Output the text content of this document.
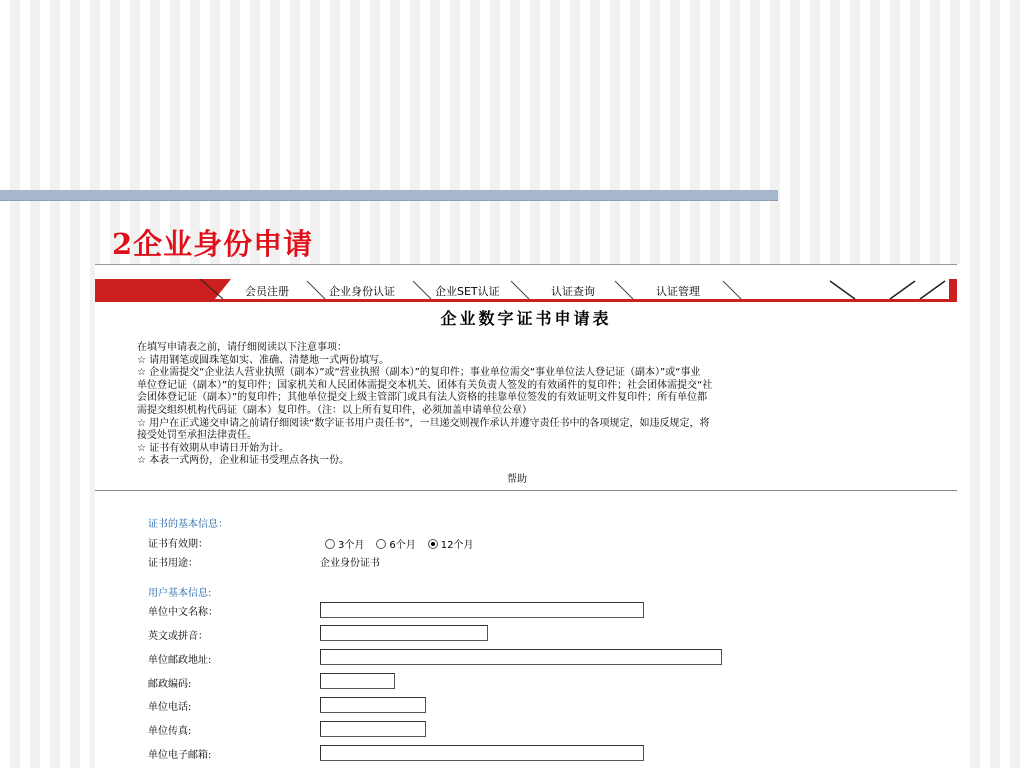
2企业身份申请
会员注册	企业身份认证	企业SET认证	认证查询	认证管理
企业数字证书申请表

在填写申请表之前，请仔细阅读以下注意事项：

☆ 请用钢笔或圆珠笔如实、准确、清楚地一式两份填写。

☆ 企业需提交“企业法人营业执照（副本）”或“营业执照（副本）”的复印件；事业单位需交“事业单位法人登记证（副本）”或“事业

单位登记证（副本）”的复印件；国家机关和人民团体需提交本机关、团体有关负责人签发的有效函件的复印件；社会团体需提交“社

会团体登记证（副本）”的复印件；其他单位提交上级主管部门或具有法人资格的挂靠单位签发的有效证明文件复印件；所有单位都

需提交组织机构代码证（副本）复印件。（注：以上所有复印件，必须加盖申请单位公章）

☆ 用户在正式递交申请之前请仔细阅读“数字证书用户责任书”，一旦递交则视作承认并遵守责任书中的各项规定，如违反规定，将

接受处罚至承担法律责任。

☆ 证书有效期从申请日开始为计。

☆ 本表一式两份，企业和证书受理点各执一份。

帮助
证书的基本信息：
证书有效期：	3个月	6个月	12个月
证书用途：	企业身份证书
用户基本信息:
单位中文名称：
英文或拼音：
单位邮政地址:
邮政编码:
单位电话:
单位传真:
单位电子邮箱:
